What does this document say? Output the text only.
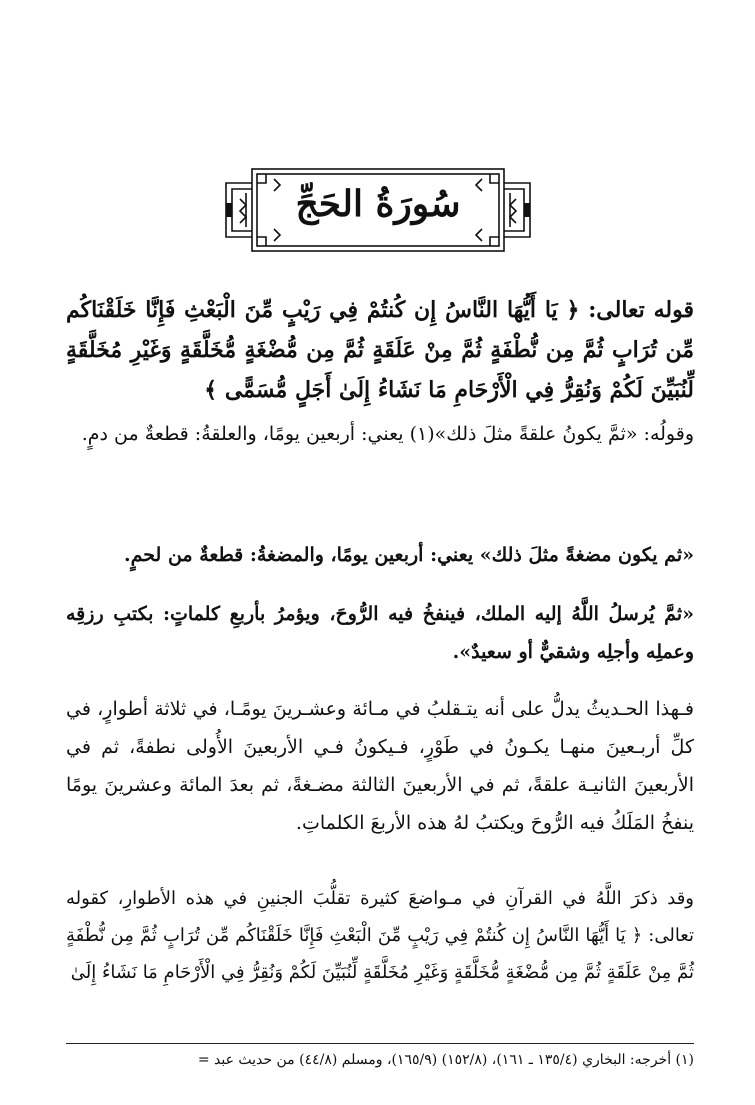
سُورَةُ الحَجِّ
قوله تعالى: ﴿ يَا أَيُّهَا النَّاسُ إِن كُنتُمْ فِي رَيْبٍ مِّنَ الْبَعْثِ فَإِنَّا خَلَقْنَاكُم مِّن تُرَابٍ ثُمَّ مِن نُّطْفَةٍ ثُمَّ مِنْ عَلَقَةٍ ثُمَّ مِن مُّضْغَةٍ مُّخَلَّقَةٍ وَغَيْرِ مُخَلَّقَةٍ لِّنُبَيِّنَ لَكُمْ وَنُقِرُّ فِي الْأَرْحَامِ مَا نَشَاءُ إِلَىٰ أَجَلٍ مُّسَمًّى ﴾
وقولُه: «ثمَّ يكونُ علقةً مثلَ ذلك»(١) يعني: أربعين يومًا، والعلقةُ: قطعةٌ من دمٍ.
«ثم يكون مضغةً مثلَ ذلك» يعني: أربعين يومًا، والمضغةُ: قطعةٌ من لحمٍ.
«ثمَّ يُرسلُ اللَّهُ إليه الملك، فينفخُ فيه الرُّوحَ، ويؤمرُ بأربعِ كلماتٍ: بكتبِ رزقِه وعملِه وأجلِه وشقيٌّ أو سعيدٌ».
فـهذا الحـديثُ يدلُّ على أنه يتـقلبُ في مـائة وعشـرينَ يومًـا، في ثلاثة أطوارٍ، في كلِّ أربـعينَ منهـا يكـونُ في طَوْرٍ، فـيكونُ فـي الأربعينَ الأُولى نطفةً، ثم في الأربعينَ الثانيـة علقةً، ثم في الأربعينَ الثالثة مضـغةً، ثم بعدَ المائة وعشرينَ يومًا ينفخُ المَلَكُ فيه الرُّوحَ ويكتبُ لهُ هذه الأربعَ الكلماتِ.
وقد ذكرَ اللَّهُ في القرآنِ في مـواضعَ كثيرة تقلُّبَ الجنينِ في هذه الأطوارِ، كقوله تعالى: ﴿ يَا أَيُّهَا النَّاسُ إِن كُنتُمْ فِي رَيْبٍ مِّنَ الْبَعْثِ فَإِنَّا خَلَقْنَاكُم مِّن تُرَابٍ ثُمَّ مِن نُّطْفَةٍ ثُمَّ مِنْ عَلَقَةٍ ثُمَّ مِن مُّضْغَةٍ مُّخَلَّقَةٍ وَغَيْرِ مُخَلَّقَةٍ لِّنُبَيِّنَ لَكُمْ وَنُقِرُّ فِي الْأَرْحَامِ مَا نَشَاءُ إِلَىٰ
(١) أخرجه: البخاري (١٣٥/٤ ـ ١٦١)، (١٥٢/٨) (١٦٥/٩)، ومسلم (٤٤/٨) من حديث عبد =
